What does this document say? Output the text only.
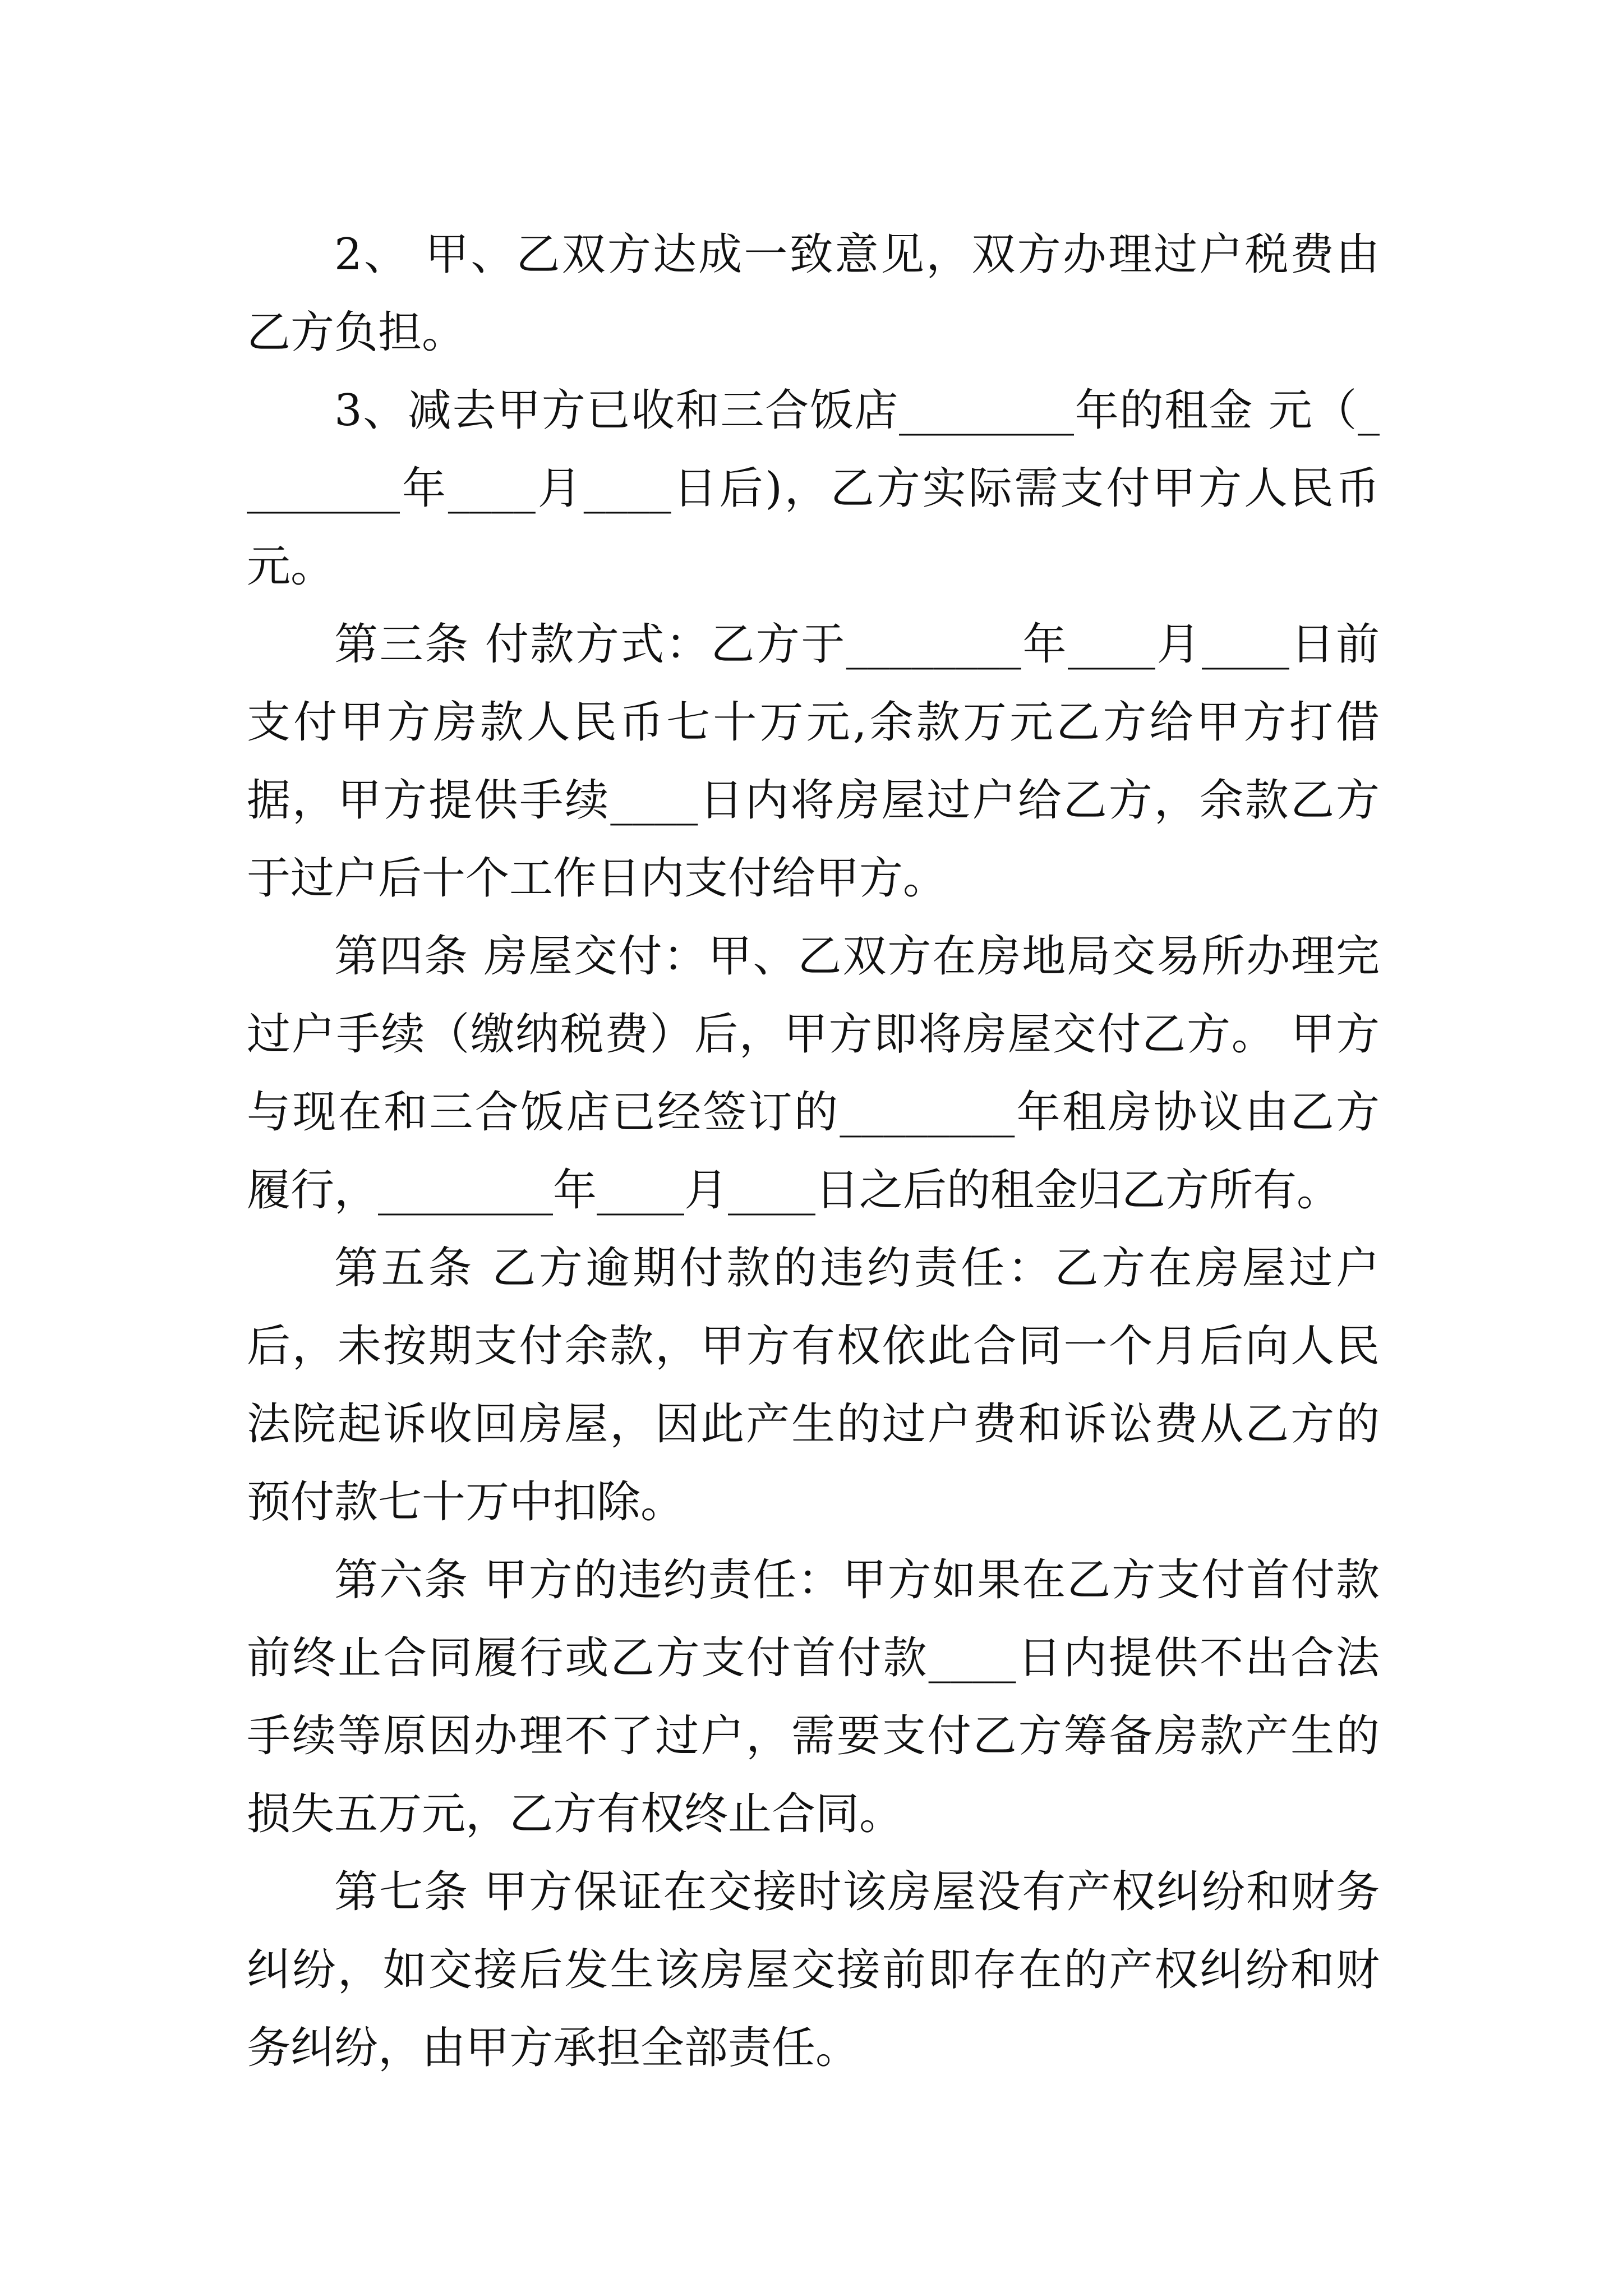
2、 甲、乙双方达成一致意见，双方办理过户税费由乙方负担。

3、减去甲方已收和三合饭店________年的租金 元（________年____月____日后)，乙方实际需支付甲方人民币元。

第三条 付款方式：乙方于________年____月____日前支付甲方房款人民币七十万元,余款万元乙方给甲方打借据，甲方提供手续____日内将房屋过户给乙方，余款乙方于过户后十个工作日内支付给甲方。

第四条 房屋交付：甲、乙双方在房地局交易所办理完过户手续（缴纳税费）后，甲方即将房屋交付乙方。 甲方与现在和三合饭店已经签订的________年租房协议由乙方履行，________年____月____日之后的租金归乙方所有。

第五条 乙方逾期付款的违约责任：乙方在房屋过户后，未按期支付余款，甲方有权依此合同一个月后向人民法院起诉收回房屋，因此产生的过户费和诉讼费从乙方的预付款七十万中扣除。

第六条 甲方的违约责任：甲方如果在乙方支付首付款前终止合同履行或乙方支付首付款____日内提供不出合法手续等原因办理不了过户，需要支付乙方筹备房款产生的损失五万元，乙方有权终止合同。

第七条 甲方保证在交接时该房屋没有产权纠纷和财务纠纷，如交接后发生该房屋交接前即存在的产权纠纷和财务纠纷，由甲方承担全部责任。
